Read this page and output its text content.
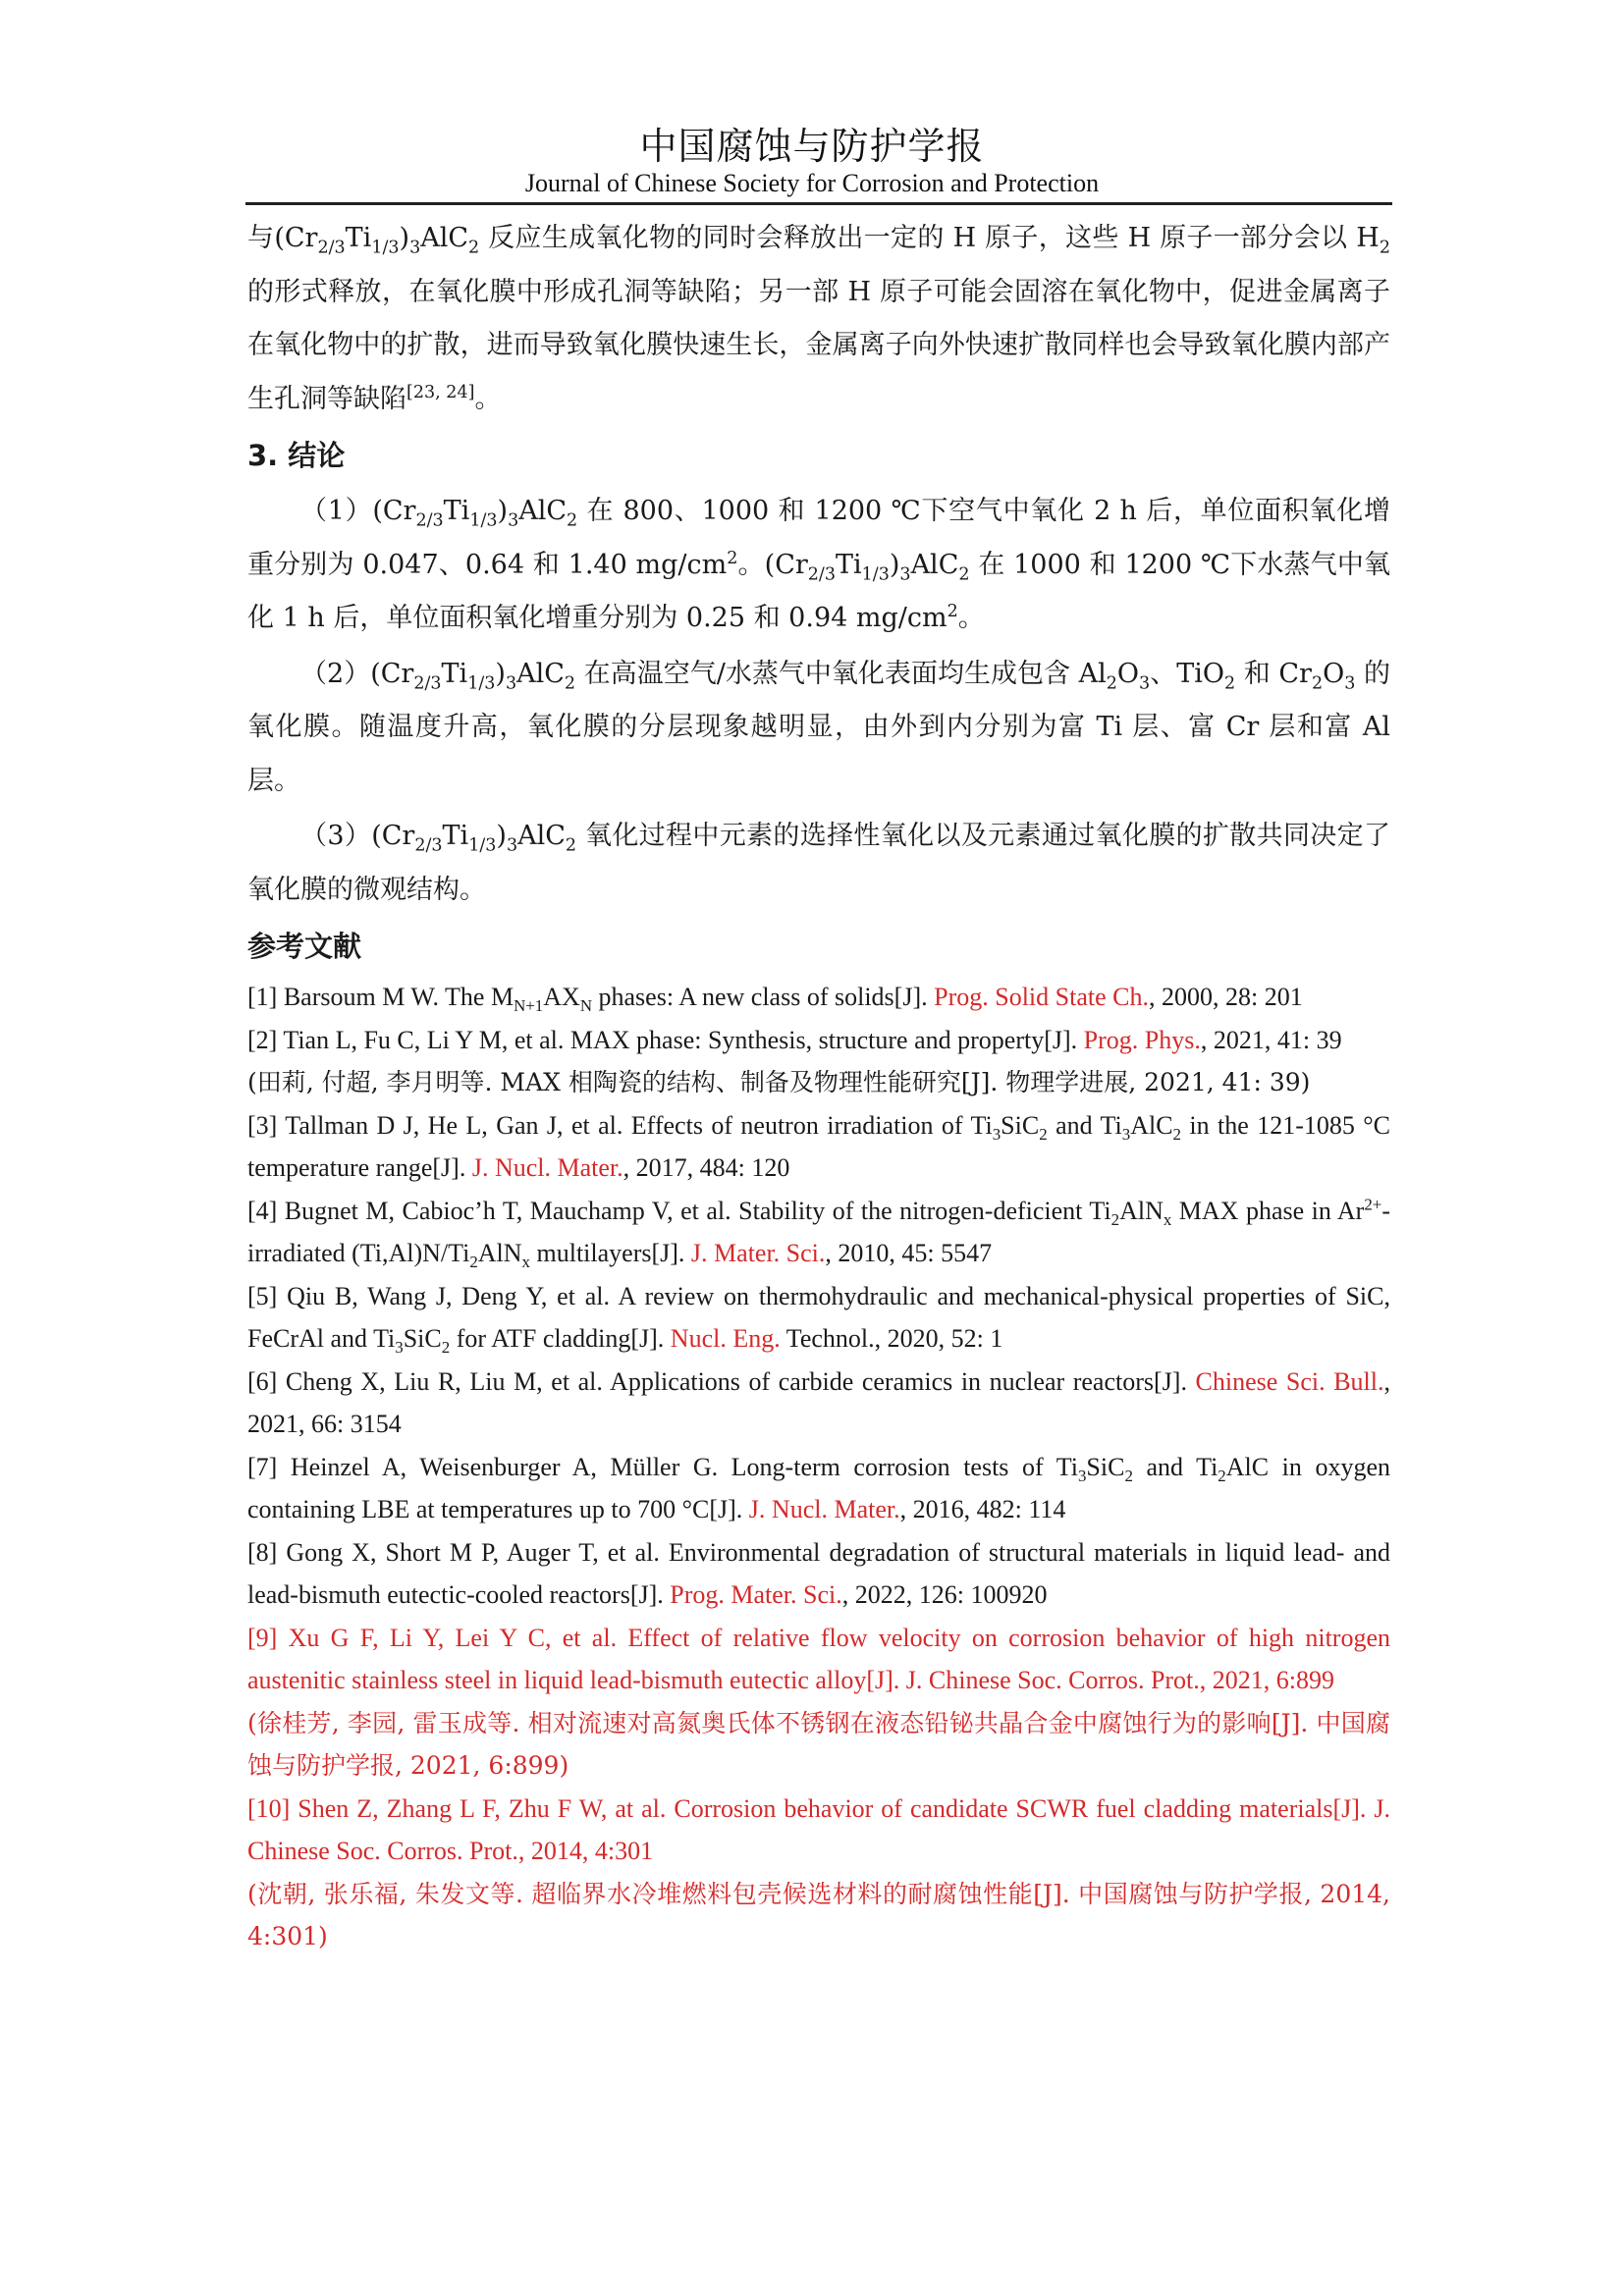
中国腐蚀与防护学报
Journal of Chinese Society for Corrosion and Protection

与$(Cr_{2/3}Ti_{1/3})_3AlC_2$ 反应生成氧化物的同时会释放出一定的 H 原子，这些 H 原子一部分会以 $H_2$ 的形式释放，在氧化膜中形成孔洞等缺陷；另一部 H 原子可能会固溶在氧化物中，促进金属离子在氧化物中的扩散，进而导致氧化膜快速生长，金属离子向外快速扩散同样也会导致氧化膜内部产生孔洞等缺陷[23, 24]。

3. 结论

$(1)(Cr_{2/3}Ti_{1/3})_3AlC_2$ 在 800、1000 和 1200 ℃下空气中氧化 2 h 后，单位面积氧化增重分别为 0.047、0.64 和 1.40 $mg/cm^2$。$(Cr_{2/3}Ti_{1/3})_3AlC_2$ 在 1000 和 1200 ℃下水蒸气中氧化 1 h 后，单位面积氧化增重分别为 0.25 和 0.94 $mg/cm^2$。

$(2)(Cr_{2/3}Ti_{1/3})_3AlC_2$ 在高温空气/水蒸气中氧化表面均生成包含 $Al_2O_3$、TiO$_2$ 和 $Cr_2O_3$ 的氧化膜。随温度升高，氧化膜的分层现象越明显，由外到内分别为富 Ti 层、富 Cr 层和富 Al 层。

$(3)(Cr_{2/3}Ti_{1/3})_3AlC_2$ 氧化过程中元素的选择性氧化以及元素通过氧化膜的扩散共同决定了氧化膜的微观结构。

参考文献

[1] Barsoum M W. The $M_{N+1}AX_N$ phases: A new class of solids[J]. Prog. Solid State Ch., 2000, 28: 201

[2] Tian L, Fu C, Li Y M, et al. MAX phase: Synthesis, structure and property[J]. Prog. Phys., 2021, 41: 39

(田莉, 付超, 李月明等. MAX 相陶瓷的结构、制备及物理性能研究[J]. 物理学进展, 2021, 41: 39)

[3] Tallman D J, He L, Gan J, et al. Effects of neutron irradiation of $Ti_3SiC_2$ and $Ti_3AlC_2$ in the 121-1085 °C temperature range[J]. J. Nucl. Mater., 2017, 484: 120

[4] Bugnet M, Cabioc’h T, Mauchamp V, et al. Stability of the nitrogen-deficient $Ti_2AlN_x$ MAX phase in $Ar^{2+}$-irradiated $(Ti,Al)N/Ti_2AlN_x$ multilayers[J]. J. Mater. Sci., 2010, 45: 5547

[5] Qiu B, Wang J, Deng Y, et al. A review on thermohydraulic and mechanical-physical properties of SiC, FeCrAl and $Ti_3SiC_2$ for ATF cladding[J]. Nucl. Eng. Technol., 2020, 52: 1

[6] Cheng X, Liu R, Liu M, et al. Applications of carbide ceramics in nuclear reactors[J]. Chinese Sci. Bull., 2021, 66: 3154

[7] Heinzel A, Weisenburger A, Müller G. Long-term corrosion tests of $Ti_3SiC_2$ and $Ti_2AlC$ in oxygen containing LBE at temperatures up to 700 °C[J]. J. Nucl. Mater., 2016, 482: 114

[8] Gong X, Short M P, Auger T, et al. Environmental degradation of structural materials in liquid lead- and lead-bismuth eutectic-cooled reactors[J]. Prog. Mater. Sci., 2022, 126: 100920

[9] Xu G F, Li Y, Lei Y C, et al. Effect of relative flow velocity on corrosion behavior of high nitrogen austenitic stainless steel in liquid lead-bismuth eutectic alloy[J]. J. Chinese Soc. Corros. Prot., 2021, 6:899

(徐桂芳, 李园, 雷玉成等. 相对流速对高氮奥氏体不锈钢在液态铅铋共晶合金中腐蚀行为的影响[J]. 中国腐蚀与防护学报, 2021, 6:899)

[10] Shen Z, Zhang L F, Zhu F W, at al. Corrosion behavior of candidate SCWR fuel cladding materials[J]. J. Chinese Soc. Corros. Prot., 2014, 4:301

(沈朝, 张乐福, 朱发文等. 超临界水冷堆燃料包壳候选材料的耐腐蚀性能[J]. 中国腐蚀与防护学报, 2014, 4:301)
